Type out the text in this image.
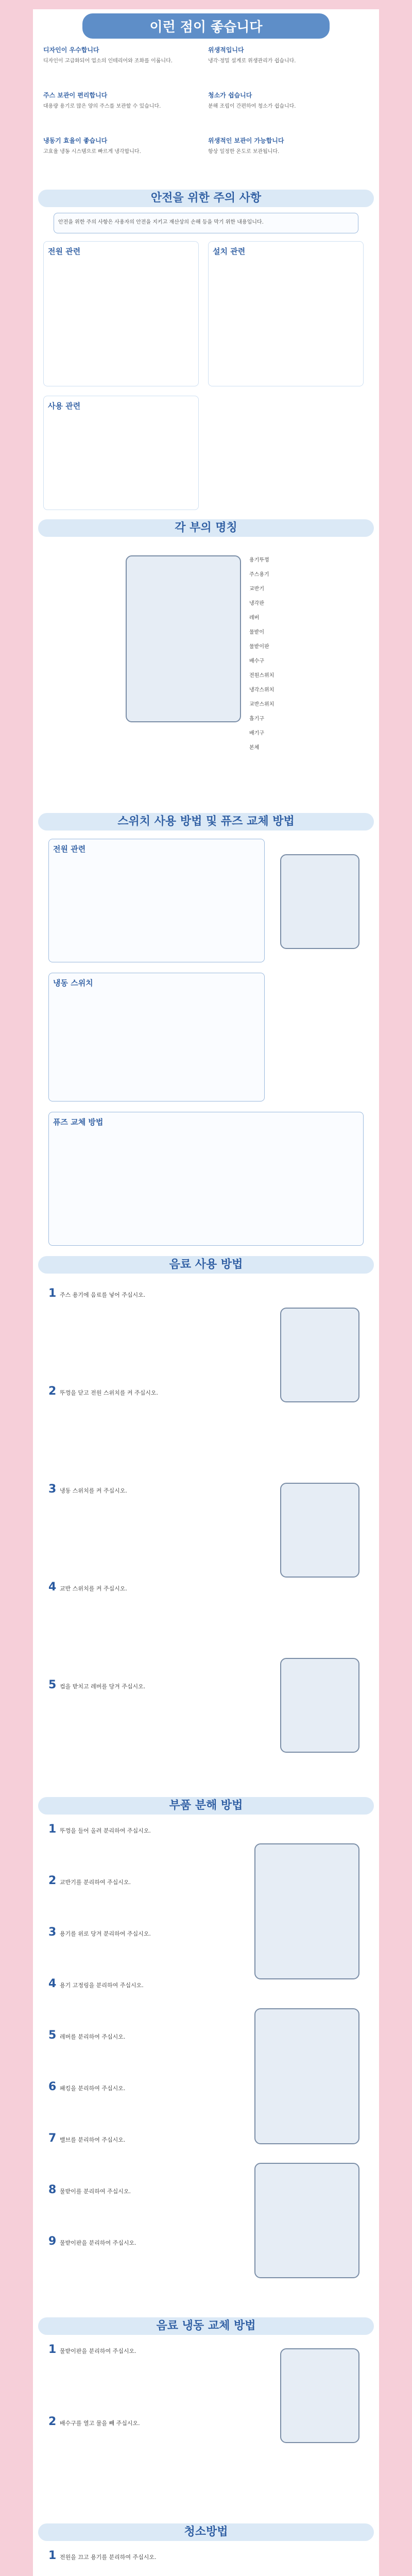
이런 점이 좋습니다
디자인이 우수합니다
디자인이 고급화되어 업소의 인테리어와 조화를 이룹니다.
위생적입니다
냉각·정밀 설계로 위생관리가 쉽습니다.
주스 보관이 편리합니다
대용량 용기로 많은 양의 주스를 보관할 수 있습니다.
청소가 쉽습니다
분해 조립이 간편하여 청소가 쉽습니다.
냉동기 효율이 좋습니다
고효율 냉동 시스템으로 빠르게 냉각합니다.
위생적인 보관이 가능합니다
항상 일정한 온도로 보관됩니다.
안전을 위한 주의 사항
안전을 위한 주의 사항은 사용자의 안전을 지키고 재산상의 손해 등을 막기 위한 내용입니다.
전원 관련	설치 관련
사용 관련
각 부의 명칭
용기뚜껑
주스용기
교반기
냉각판
레버
물받이
물받이판
배수구
전원스위치
냉각스위치
교반스위치
흡기구
배기구
본체
스위치 사용 방법 및 퓨즈 교체 방법
전원 관련
냉동 스위치
퓨즈 교체 방법
음료 사용 방법
1 주스 용기에 음료를 넣어 주십시오.
2 뚜껑을 닫고 전원 스위치를 켜 주십시오.
3 냉동 스위치를 켜 주십시오.
4 교반 스위치를 켜 주십시오.
5 컵을 받치고 레버를 당겨 주십시오.
부품 분해 방법
1 뚜껑을 들어 올려 분리하여 주십시오.
2 교반기를 분리하여 주십시오.
3 용기를 위로 당겨 분리하여 주십시오.
4 용기 고정링을 분리하여 주십시오.
5 레버를 분리하여 주십시오.
6 패킹을 분리하여 주십시오.
7 밸브를 분리하여 주십시오.
8 물받이를 분리하여 주십시오.
9 물받이판을 분리하여 주십시오.
음료 냉동 교체 방법
1 물받이판을 분리하여 주십시오.
2 배수구를 열고 물을 빼 주십시오.
청소방법
1 전원을 끄고 용기를 분리하여 주십시오.
